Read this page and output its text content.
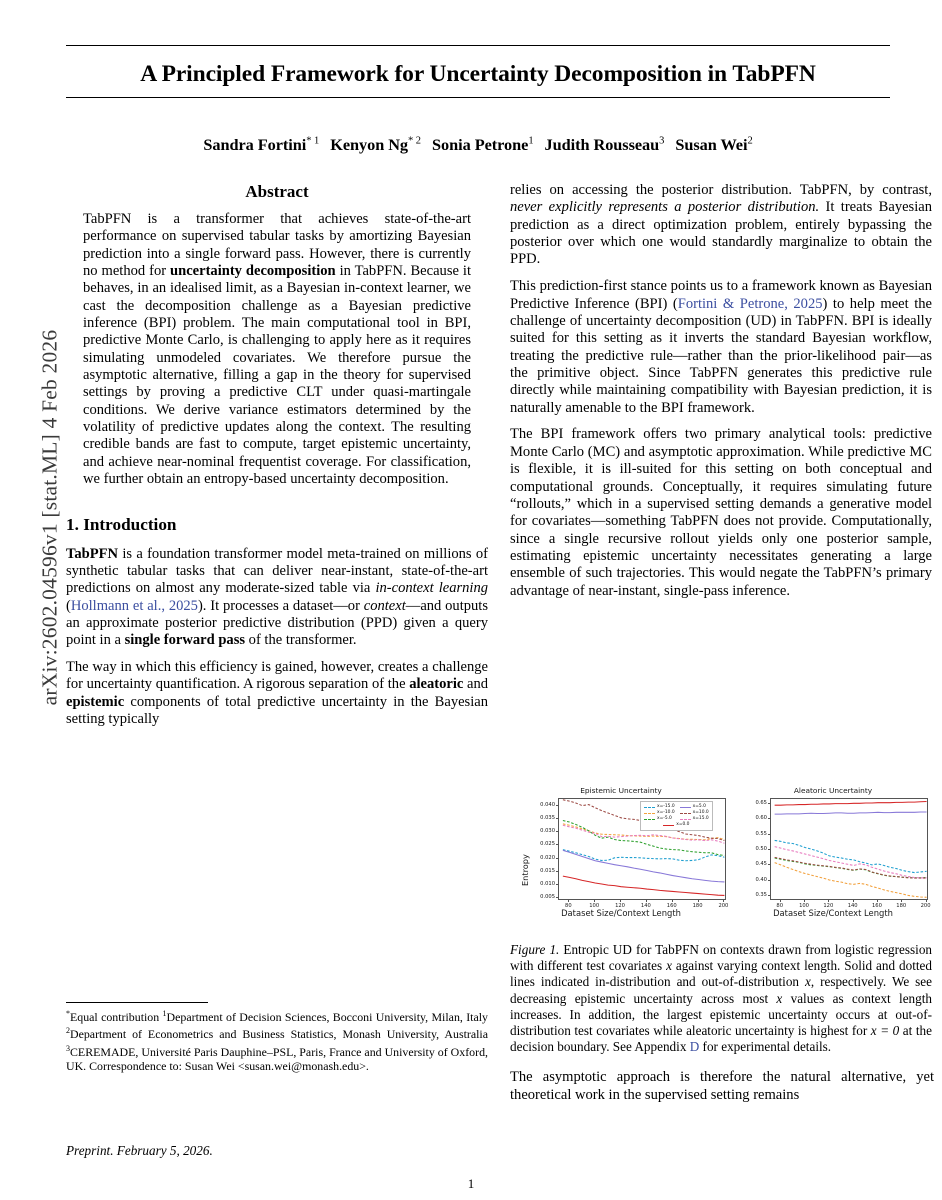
arXiv:2602.04596v1 [stat.ML] 4 Feb 2026
A Principled Framework for Uncertainty Decomposition in TabPFN
Sandra Fortini$^{* 1}$ Kenyon Ng$^{* 2}$ Sonia Petrone$^1$ Judith Rousseau$^3$ Susan Wei$^2$
Abstract

TabPFN is a transformer that achieves state-of-the-art performance on supervised tabular tasks by amortizing Bayesian prediction into a single forward pass. However, there is currently no method for uncertainty decomposition in TabPFN. Because it behaves, in an idealised limit, as a Bayesian in-context learner, we cast the decomposition challenge as a Bayesian predictive inference (BPI) problem. The main computational tool in BPI, predictive Monte Carlo, is challenging to apply here as it requires simulating unmodeled covariates. We therefore pursue the asymptotic alternative, filling a gap in the theory for supervised settings by proving a predictive CLT under quasi-martingale conditions. We derive variance estimators determined by the volatility of predictive updates along the context. The resulting credible bands are fast to compute, target epistemic uncertainty, and achieve near-nominal frequentist coverage. For classification, we further obtain an entropy-based uncertainty decomposition.

1. Introduction

TabPFN is a foundation transformer model meta-trained on millions of synthetic tabular tasks that can deliver near-instant, state-of-the-art predictions on almost any moderate-sized table via in-context learning (Hollmann et al., 2025). It processes a dataset—or context—and outputs an approximate posterior predictive distribution (PPD) given a query point in a single forward pass of the transformer.

The way in which this efficiency is gained, however, creates a challenge for uncertainty quantification. A rigorous separation of the aleatoric and epistemic components of total predictive uncertainty in the Bayesian setting typically

relies on accessing the posterior distribution. TabPFN, by contrast, never explicitly represents a posterior distribution. It treats Bayesian prediction as a direct optimization problem, entirely bypassing the posterior over which one would standardly marginalize to obtain the PPD.

This prediction-first stance points us to a framework known as Bayesian Predictive Inference (BPI) (Fortini & Petrone, 2025) to help meet the challenge of uncertainty decomposition (UD) in TabPFN. BPI is ideally suited for this setting as it inverts the standard Bayesian workflow, treating the predictive rule—rather than the prior-likelihood pair—as the primitive object. Since TabPFN generates this predictive rule directly while maintaining compatibility with Bayesian prediction, it is naturally amenable to the BPI framework.

The BPI framework offers two primary analytical tools: predictive Monte Carlo (MC) and asymptotic approximation. While predictive MC is flexible, it is ill-suited for this setting on both conceptual and computational grounds. Conceptually, it requires simulating future “rollouts,” which in a supervised setting demands a generative model for covariates—something TabPFN does not provide. Computationally, since a single recursive rollout yields only one posterior sample, estimating epistemic uncertainty necessitates generating a large ensemble of such trajectories. This would negate the TabPFN’s primary advantage of near-instant, single-pass inference.

Epistemic Uncertainty
Entropy
x=-15.0	x=5.0
x=-10.0	x=10.0
x=-5.0	x=15.0
x=0.0
Dataset Size/Context Length
0.005
0.010
0.015
0.020
0.025
0.030
0.035
0.040
80	100	120	140	160	180	200
Aleatoric Uncertainty
Dataset Size/Context Length
0.35
0.40
0.45
0.50
0.55
0.60
0.65
80	100	120	140	160	180	200
Figure 1. Entropic UD for TabPFN on contexts drawn from logistic regression with different test covariates x against varying context length. Solid and dotted lines indicated in-distribution and out-of-distribution x, respectively. We see decreasing epistemic uncertainty across most x values as context length increases. In addition, the largest epistemic uncertainty occurs at out-of-distribution test covariates while aleatoric uncertainty is highest for x = 0 at the decision boundary. See Appendix D for experimental details.

The asymptotic approach is therefore the natural alternative, yet theoretical work in the supervised setting remains

*Equal contribution $^1$Department of Decision Sciences, Bocconi University, Milan, Italy $^2$Department of Econometrics and Business Statistics, Monash University, Australia $^3$CEREMADE, Université Paris Dauphine–PSL, Paris, France and University of Oxford, UK. Correspondence to: Susan Wei <susan.wei@monash.edu>.

Preprint. February 5, 2026.
1
